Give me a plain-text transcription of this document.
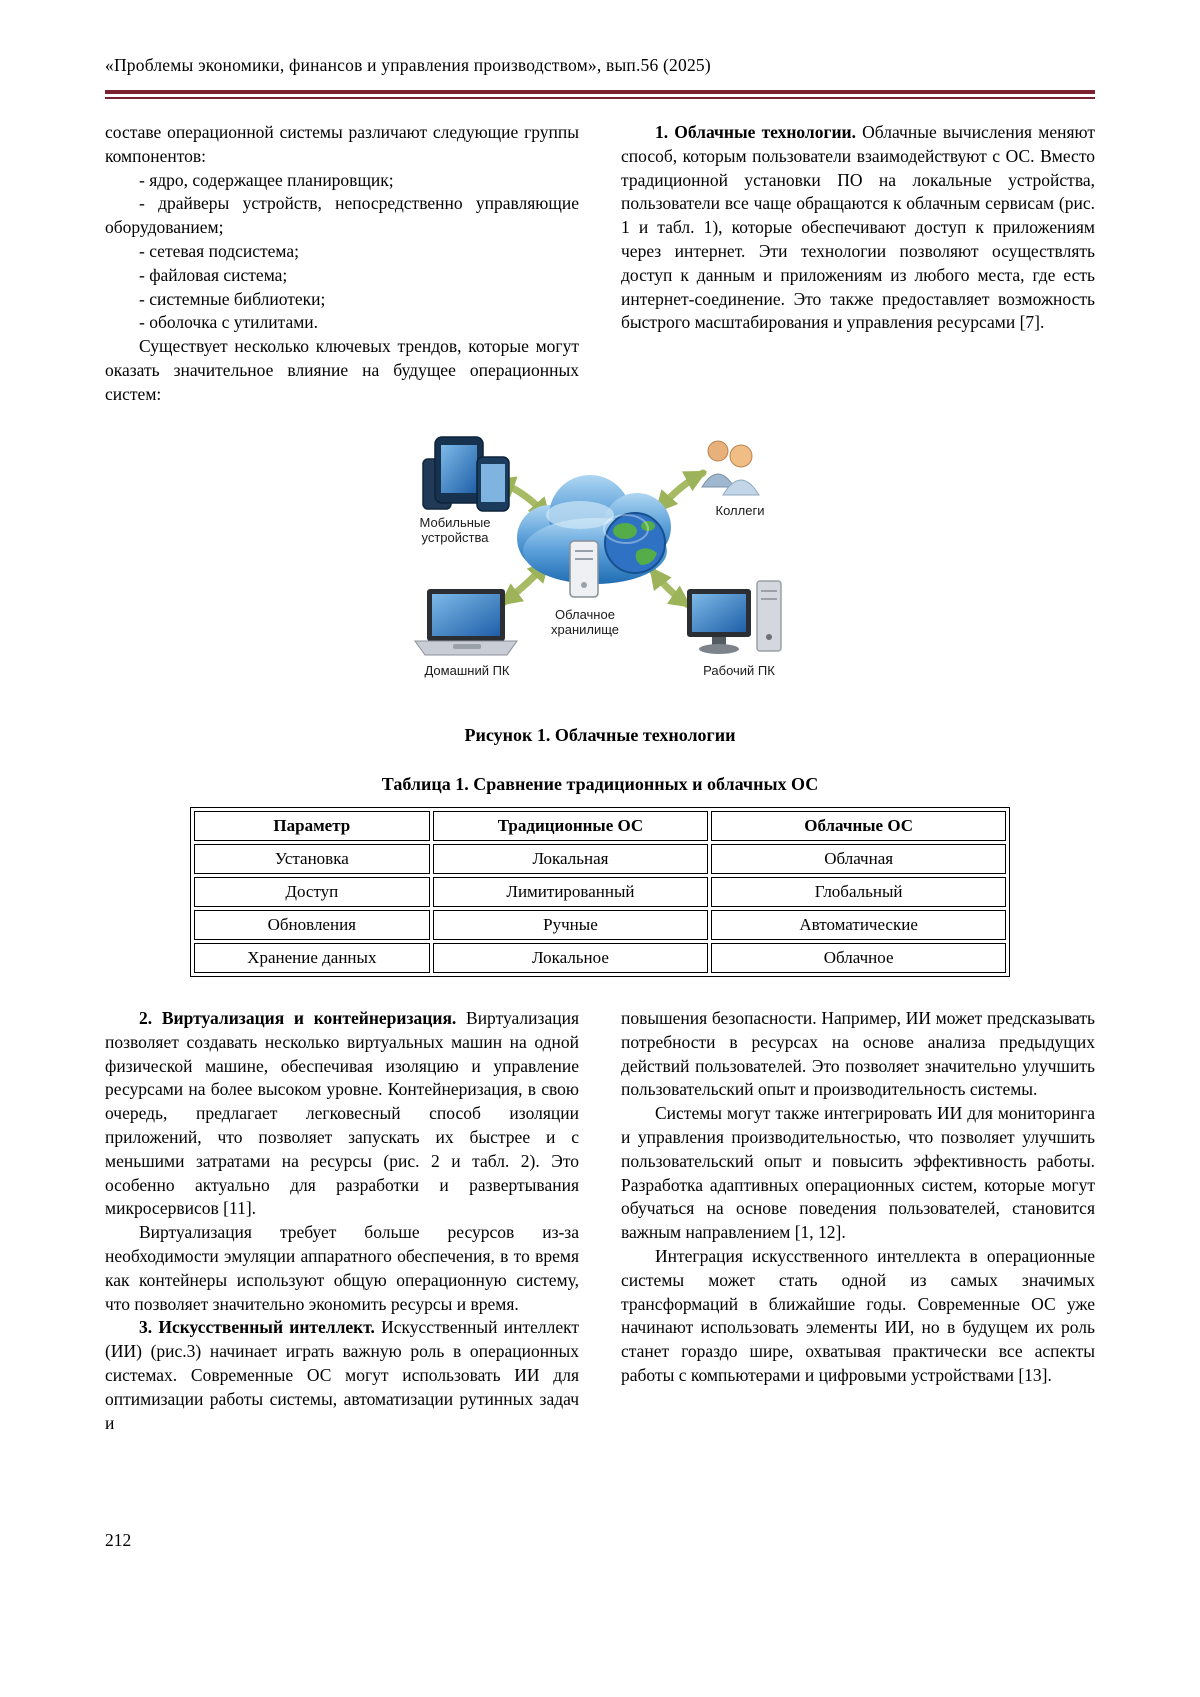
«Проблемы экономики, финансов и управления производством», вып.56 (2025)

составе операционной системы различают следующие группы компонентов:

- ядро, содержащее планировщик;

- драйверы устройств, непосредственно управляющие оборудованием;

- сетевая подсистема;

- файловая система;

- системные библиотеки;

- оболочка с утилитами.

Существует несколько ключевых трендов, которые могут оказать значительное влияние на будущее операционных систем:

1. Облачные технологии. Облачные вычисления меняют способ, которым пользователи взаимодействуют с ОС. Вместо традиционной установки ПО на локальные устройства, пользователи все чаще обращаются к облачным сервисам (рис. 1 и табл. 1), которые обеспечивают доступ к приложениям через интернет. Эти технологии позволяют осуществлять доступ к данным и приложениям из любого места, где есть интернет-соединение. Это также предоставляет возможность быстрого масштабирования и управления ресурсами [7].

Мобильные устройства
Коллеги
Облачное хранилище
Домашний ПК	Рабочий ПК
Рисунок 1. Облачные технологии
Таблица 1. Сравнение традиционных и облачных ОС
Параметр	Традиционные ОС	Облачные ОС
Установка	Локальная	Облачная
Доступ	Лимитированный	Глобальный
Обновления	Ручные	Автоматические
Хранение данных	Локальное	Облачное

2. Виртуализация и контейнеризация. Виртуализация позволяет создавать несколько виртуальных машин на одной физической машине, обеспечивая изоляцию и управление ресурсами на более высоком уровне. Контейнеризация, в свою очередь, предлагает легковесный способ изоляции приложений, что позволяет запускать их быстрее и с меньшими затратами на ресурсы (рис. 2 и табл. 2). Это особенно актуально для разработки и развертывания микросервисов [11].

Виртуализация требует больше ресурсов из-за необходимости эмуляции аппаратного обеспечения, в то время как контейнеры используют общую операционную систему, что позволяет значительно экономить ресурсы и время.

3. Искусственный интеллект. Искусственный интеллект (ИИ) (рис.3) начинает играть важную роль в операционных системах. Современные ОС могут использовать ИИ для оптимизации работы системы, автоматизации рутинных задач и

повышения безопасности. Например, ИИ может предсказывать потребности в ресурсах на основе анализа предыдущих действий пользователей. Это позволяет значительно улучшить пользовательский опыт и производительность системы.

Системы могут также интегрировать ИИ для мониторинга и управления производительностью, что позволяет улучшить пользовательский опыт и повысить эффективность работы. Разработка адаптивных операционных систем, которые могут обучаться на основе поведения пользователей, становится важным направлением [1, 12].

Интеграция искусственного интеллекта в операционные системы может стать одной из самых значимых трансформаций в ближайшие годы. Современные ОС уже начинают использовать элементы ИИ, но в будущем их роль станет гораздо шире, охватывая практически все аспекты работы с компьютерами и цифровыми устройствами [13].

212
